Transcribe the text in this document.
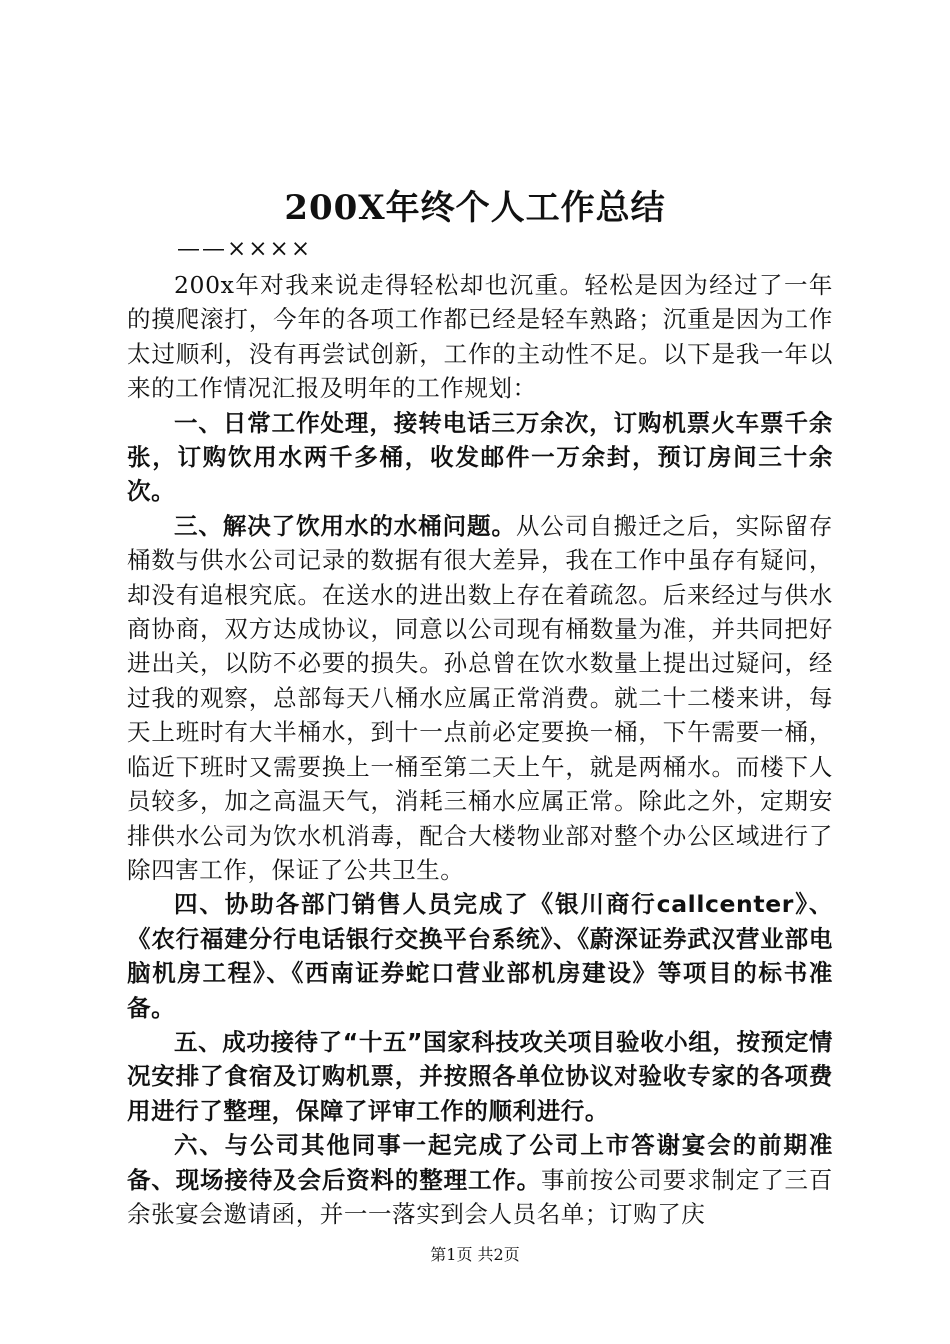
200X年终个人工作总结
——××××

200x年对我来说走得轻松却也沉重。轻松是因为经过了一年的摸爬滚打，今年的各项工作都已经是轻车熟路；沉重是因为工作太过顺利，没有再尝试创新，工作的主动性不足。以下是我一年以来的工作情况汇报及明年的工作规划：

一、日常工作处理，接转电话三万余次，订购机票火车票千余张，订购饮用水两千多桶，收发邮件一万余封，预订房间三十余次。

三、解决了饮用水的水桶问题。从公司自搬迁之后，实际留存桶数与供水公司记录的数据有很大差异，我在工作中虽存有疑问，却没有追根究底。在送水的进出数上存在着疏忽。后来经过与供水商协商，双方达成协议，同意以公司现有桶数量为准，并共同把好进出关，以防不必要的损失。孙总曾在饮水数量上提出过疑问，经过我的观察，总部每天八桶水应属正常消费。就二十二楼来讲，每天上班时有大半桶水，到十一点前必定要换一桶，下午需要一桶，临近下班时又需要换上一桶至第二天上午，就是两桶水。而楼下人员较多，加之高温天气，消耗三桶水应属正常。除此之外，定期安排供水公司为饮水机消毒，配合大楼物业部对整个办公区域进行了除四害工作，保证了公共卫生。

四、协助各部门销售人员完成了《银川商行callcenter》、《农行福建分行电话银行交换平台系统》、《蔚深证券武汉营业部电脑机房工程》、《西南证券蛇口营业部机房建设》等项目的标书准备。

五、成功接待了“十五”国家科技攻关项目验收小组，按预定情况安排了食宿及订购机票，并按照各单位协议对验收专家的各项费用进行了整理，保障了评审工作的顺利进行。

六、与公司其他同事一起完成了公司上市答谢宴会的前期准备、现场接待及会后资料的整理工作。事前按公司要求制定了三百余张宴会邀请函，并一一落实到会人员名单；订购了庆

第1页 共2页
